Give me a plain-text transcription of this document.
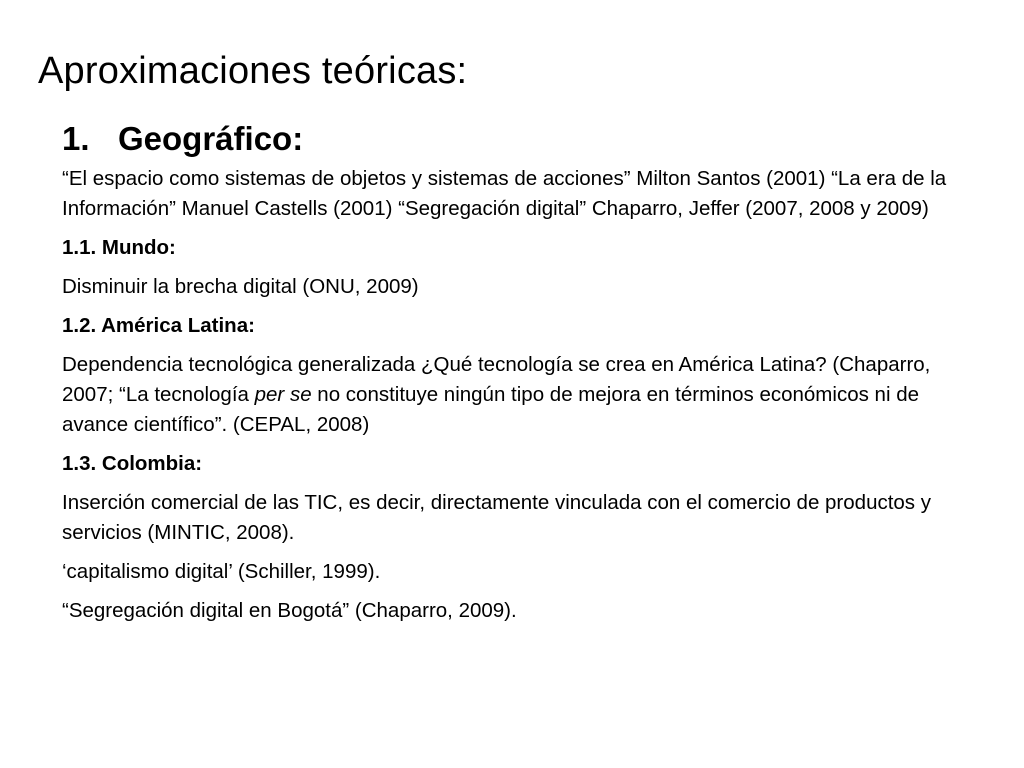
Aproximaciones teóricas:
1. Geográfico:

“El espacio como sistemas de objetos y sistemas de acciones” Milton Santos (2001) “La era de la Información” Manuel Castells (2001) “Segregación digital” Chaparro, Jeffer (2007, 2008 y 2009)

1.1. Mundo:

Disminuir la brecha digital (ONU, 2009)

1.2. América Latina:

Dependencia tecnológica generalizada ¿Qué tecnología se crea en América Latina? (Chaparro, 2007; “La tecnología per se no constituye ningún tipo de mejora en términos económicos ni de avance científico”. (CEPAL, 2008)

1.3. Colombia:

Inserción comercial de las TIC, es decir, directamente vinculada con el comercio de productos y servicios (MINTIC, 2008).

‘capitalismo digital’ (Schiller, 1999).

“Segregación digital en Bogotá” (Chaparro, 2009).
